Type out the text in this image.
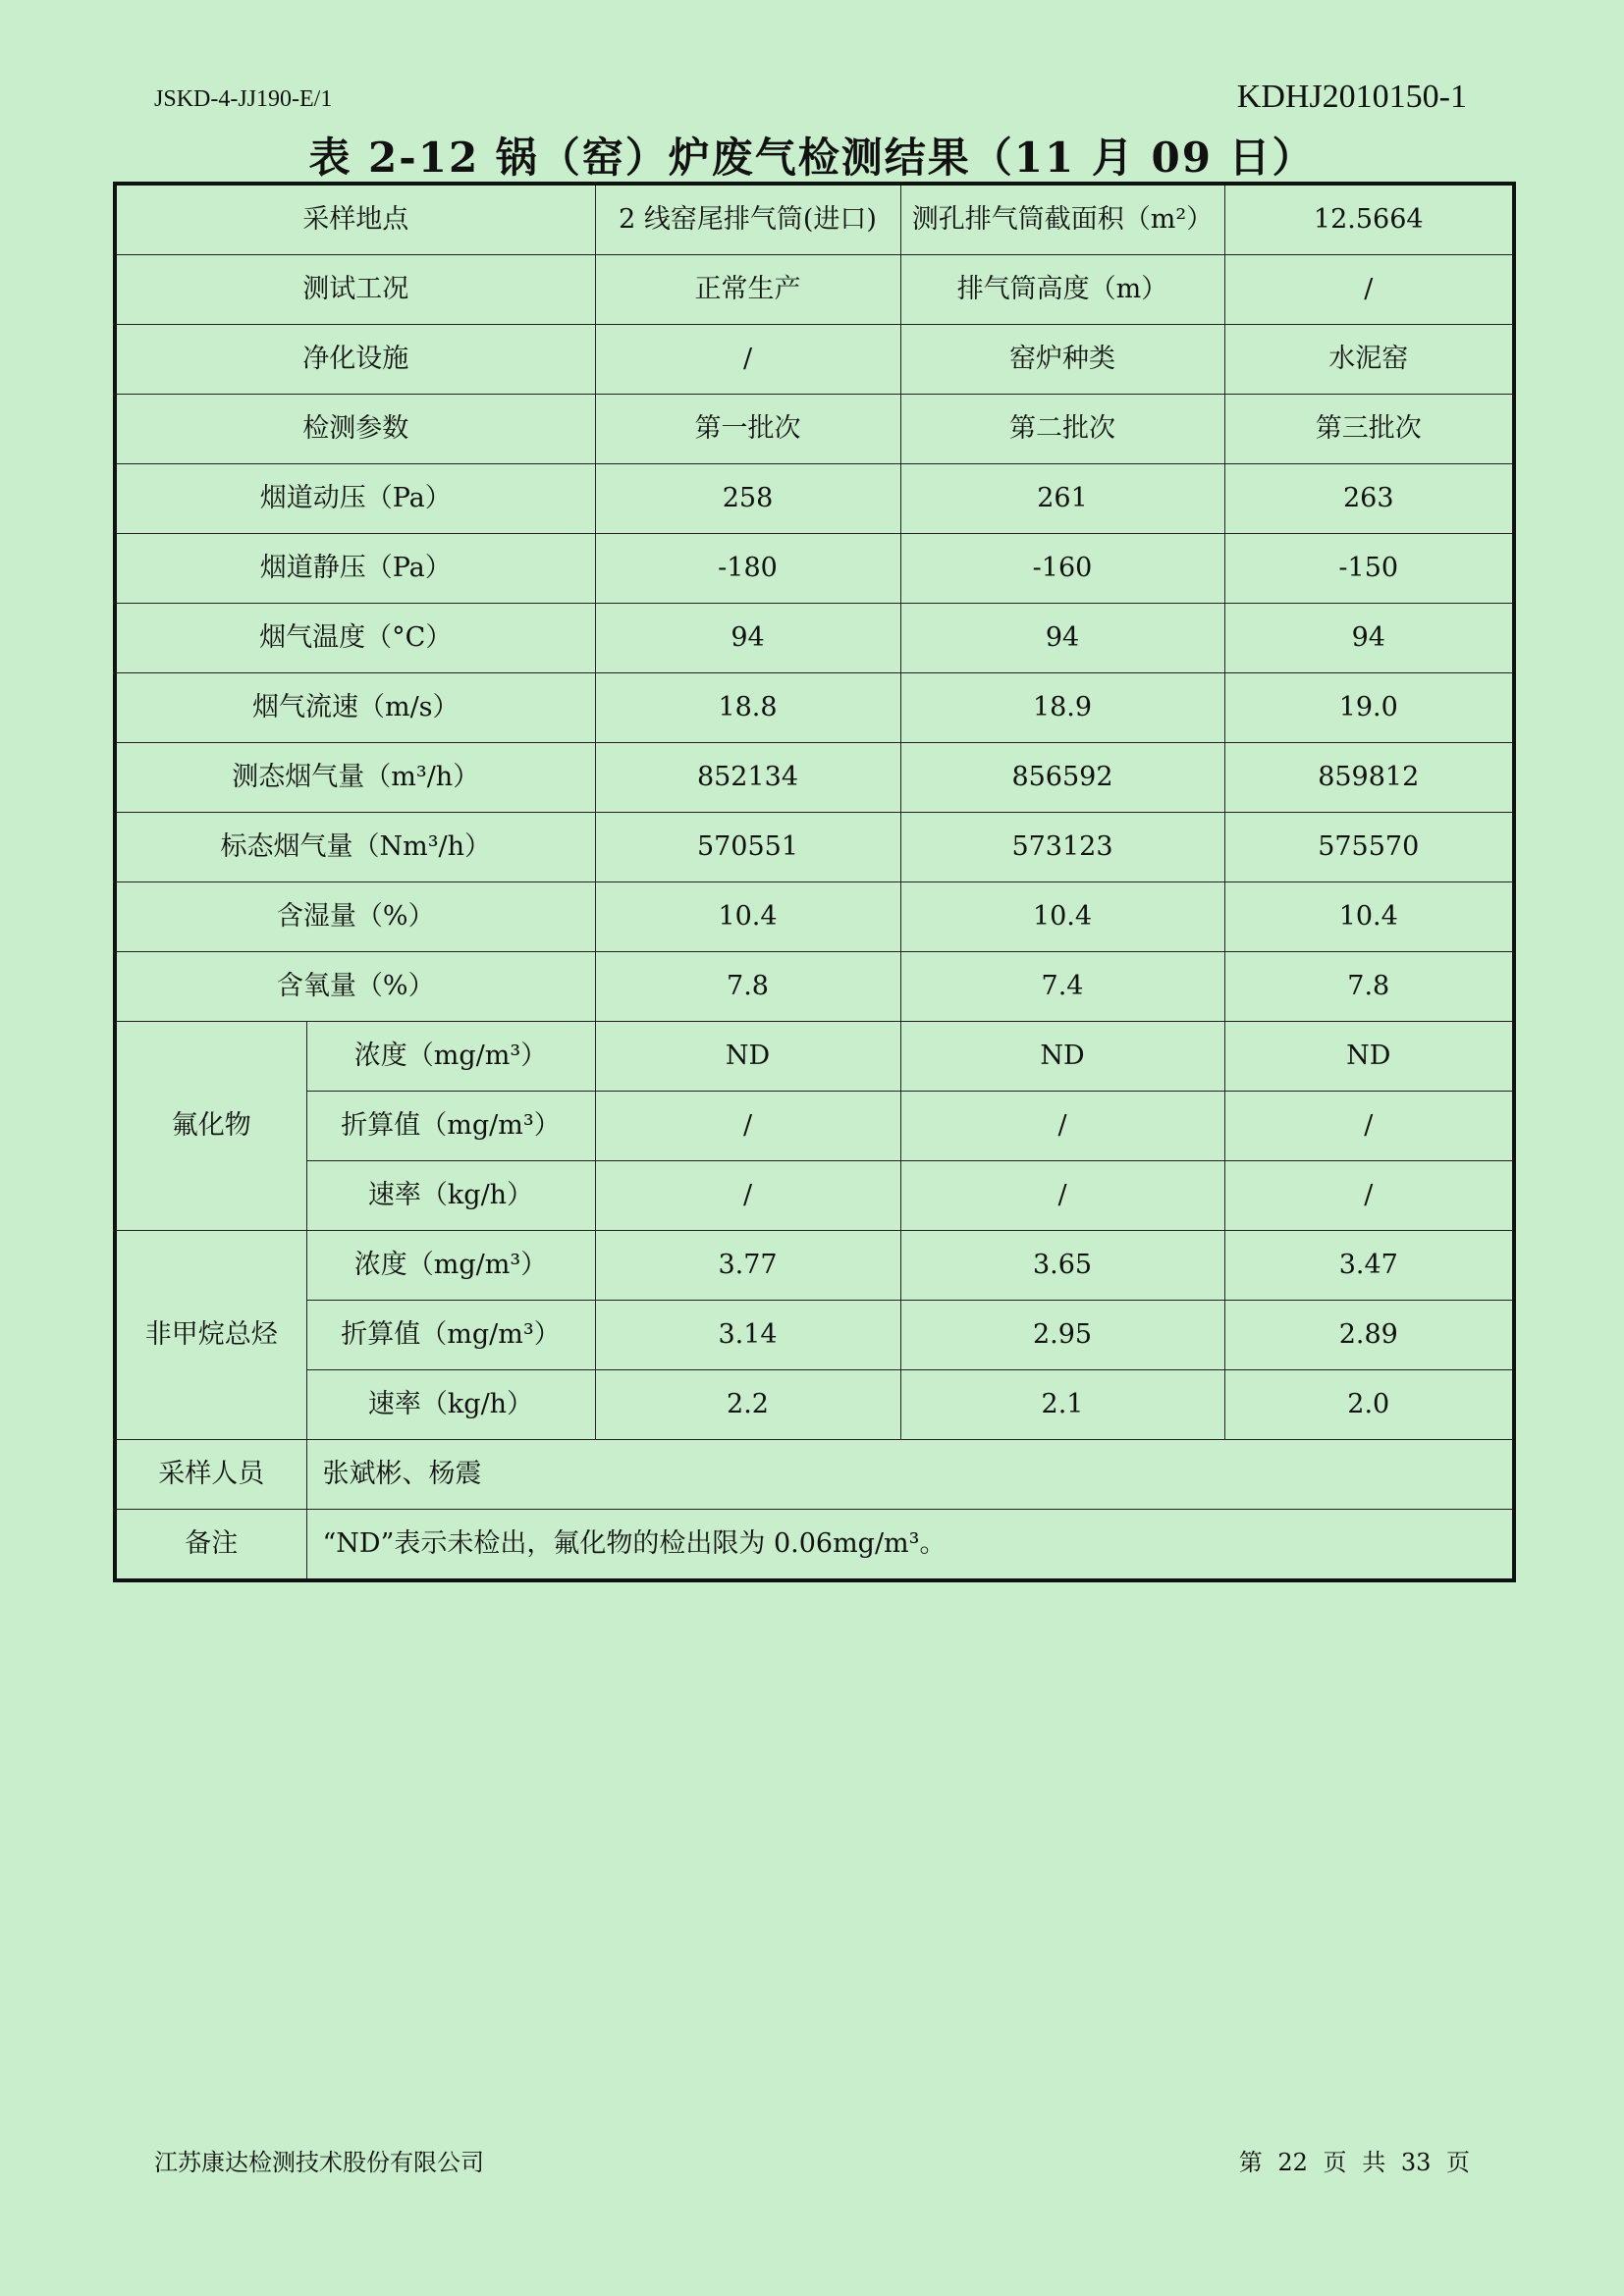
JSKD-4-JJ190-E/1	KDHJ2010150-1
表 2-12 锅（窑）炉废气检测结果（11 月 09 日）
采样地点		2 线窑尾排气筒(进口)	测孔排气筒截面积（m²）	12.5664
测试工况		正常生产	排气筒高度（m）	/
净化设施		/	窑炉种类	水泥窑
检测参数		第一批次	第二批次	第三批次
烟道动压（Pa）		258	261	263
烟道静压（Pa）		-180	-160	-150
烟气温度（°C）		94	94	94
烟气流速（m/s）		18.8	18.9	19.0
测态烟气量（m³/h）		852134	856592	859812
标态烟气量（Nm³/h）		570551	573123	575570
含湿量（%）		10.4	10.4	10.4
含氧量（%）		7.8	7.4	7.8
氟化物	浓度（mg/m³）	ND	ND	ND
	折算值（mg/m³）	/	/	/
	速率（kg/h）	/	/	/
非甲烷总烃	浓度（mg/m³）	3.77	3.65	3.47
	折算值（mg/m³）	3.14	2.95	2.89
	速率（kg/h）	2.2	2.1	2.0
采样人员	张斌彬、杨震			
备注	“ND”表示未检出，氟化物的检出限为 0.06mg/m³。			
江苏康达检测技术股份有限公司	第 22 页 共 33 页
